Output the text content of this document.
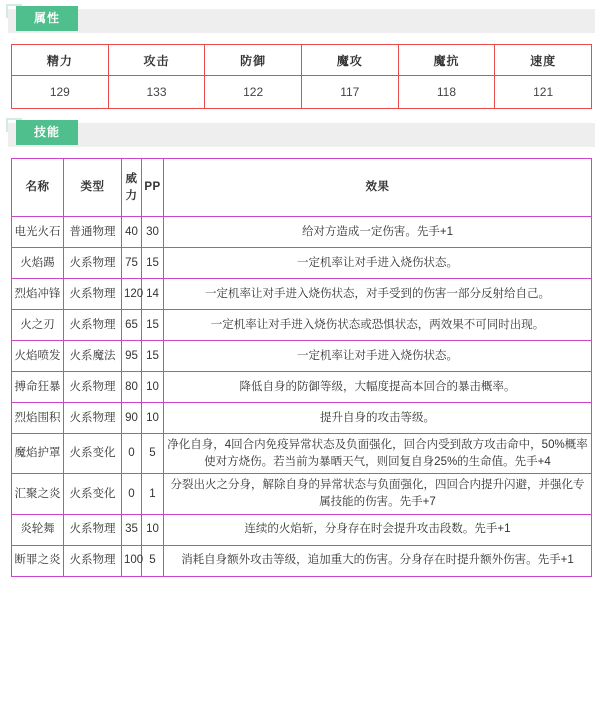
属性
精力	攻击	防御	魔攻	魔抗	速度
129	133	122	117	118	121
技能
名称	类型	威力	PP	效果
电光火石	普通物理	40	30	给对方造成一定伤害。先手+1
火焰踢	火系物理	75	15	一定机率让对手进入烧伤状态。
烈焰冲锋	火系物理	120	14	一定机率让对手进入烧伤状态，对手受到的伤害一部分反射给自己。
火之刃	火系物理	65	15	一定机率让对手进入烧伤状态或恐惧状态，两效果不可同时出现。
火焰喷发	火系魔法	95	15	一定机率让对手进入烧伤状态。
搏命狂暴	火系物理	80	10	降低自身的防御等级，大幅度提高本回合的暴击概率。
烈焰围积	火系物理	90	10	提升自身的攻击等级。
魔焰护罩	火系变化	0	5	净化自身，4回合内免疫异常状态及负面强化，回合内受到敌方攻击命中，50%概率使对方烧伤。若当前为暴晒天气，则回复自身25%的生命值。先手+4
汇聚之炎	火系变化	0	1	分裂出火之分身，解除自身的异常状态与负面强化，四回合内提升闪避，并强化专属技能的伤害。先手+7
炎轮舞	火系物理	35	10	连续的火焰斩，分身存在时会提升攻击段数。先手+1
断罪之炎	火系物理	100	5	消耗自身额外攻击等级，追加重大的伤害。分身存在时提升额外伤害。先手+1
